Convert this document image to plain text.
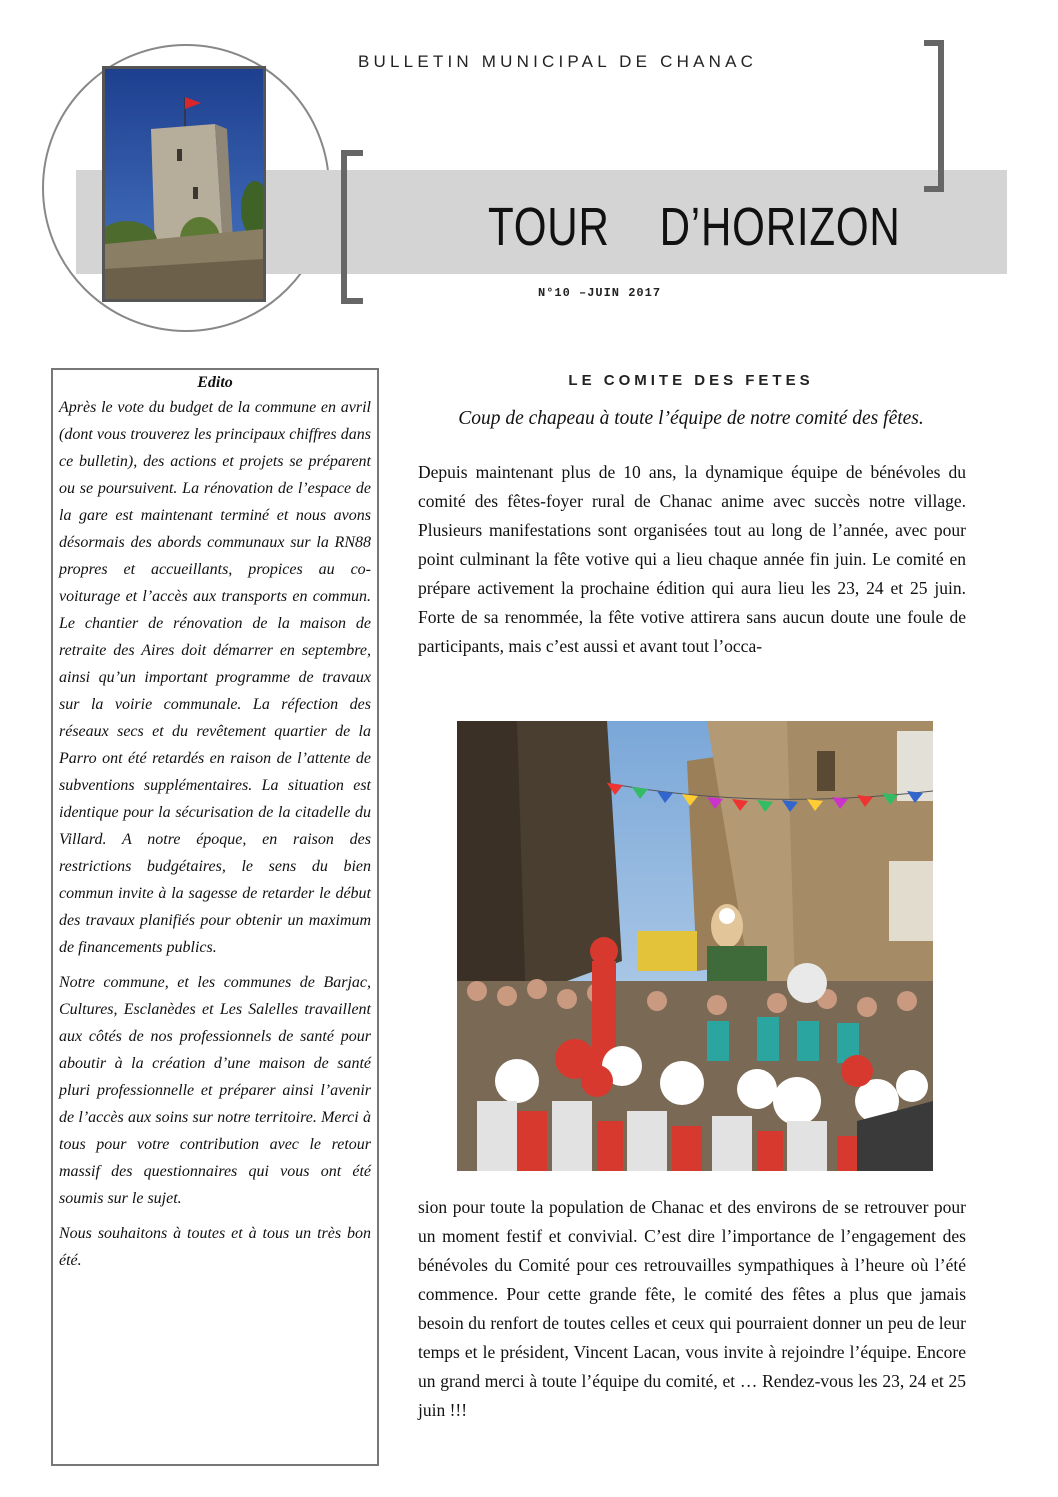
BULLETIN MUNICIPAL DE CHANAC
TOUR    D’HORIZON
N°10 –JUIN 2017
Edito

Après le vote du budget de la commune en avril (dont vous trouverez les principaux chiffres dans ce bulletin), des actions et projets se préparent ou se poursuivent. La rénovation de l’espace de la gare est maintenant terminé et nous avons désormais des abords communaux sur la RN88 propres et accueillants, propices au co-voiturage et l’accès aux transports en commun. Le chantier de rénovation de la maison de retraite des Aires doit démarrer en septembre, ainsi qu’un important programme de travaux sur la voirie communale. La réfection des réseaux secs et du revêtement quartier de la Parro ont été retardés en raison de l’attente de subventions supplémentaires. La situation est identique pour la sécurisation de la citadelle du Villard. A notre époque, en raison des restrictions budgétaires, le sens du bien commun invite à la sagesse de retarder le début des travaux planifiés pour obtenir un maximum de financements publics.

Notre commune, et les communes de Barjac, Cultures, Esclanèdes et Les Salelles travaillent aux côtés de nos professionnels de santé pour aboutir à la création d’une maison de santé pluri professionnelle et préparer ainsi l’avenir de l’accès aux soins sur notre territoire. Merci à tous pour votre contribution avec le retour massif des questionnaires qui vous ont été soumis sur le sujet.

Nous souhaitons à toutes et à tous un très bon été.

LE COMITE DES FETES
Coup de chapeau à toute l’équipe de notre comité des fêtes.

Depuis maintenant plus de 10 ans, la dynamique équipe de bénévoles du comité des fêtes-foyer rural de Chanac anime avec succès notre village. Plusieurs manifestations sont organisées tout au long de l’année, avec pour point culminant la fête votive qui a lieu chaque année fin juin. Le comité en prépare activement la prochaine édition qui aura lieu les 23, 24 et 25 juin. Forte de sa renommée, la fête votive attirera sans aucun doute une foule de participants, mais c’est aussi et avant tout l’occa-

sion pour toute la population de Chanac et des environs de se retrouver pour un moment festif et convivial. C’est dire l’importance de l’engagement des bénévoles du Comité pour ces retrouvailles sympathiques à l’heure où l’été commence. Pour cette grande fête, le comité des fêtes a plus que jamais besoin du renfort de toutes celles et ceux qui pourraient donner un peu de leur temps et le président, Vincent Lacan, vous invite à rejoindre l’équipe. Encore un grand merci à toute l’équipe du comité, et … Rendez-vous les 23, 24 et 25 juin !!!
